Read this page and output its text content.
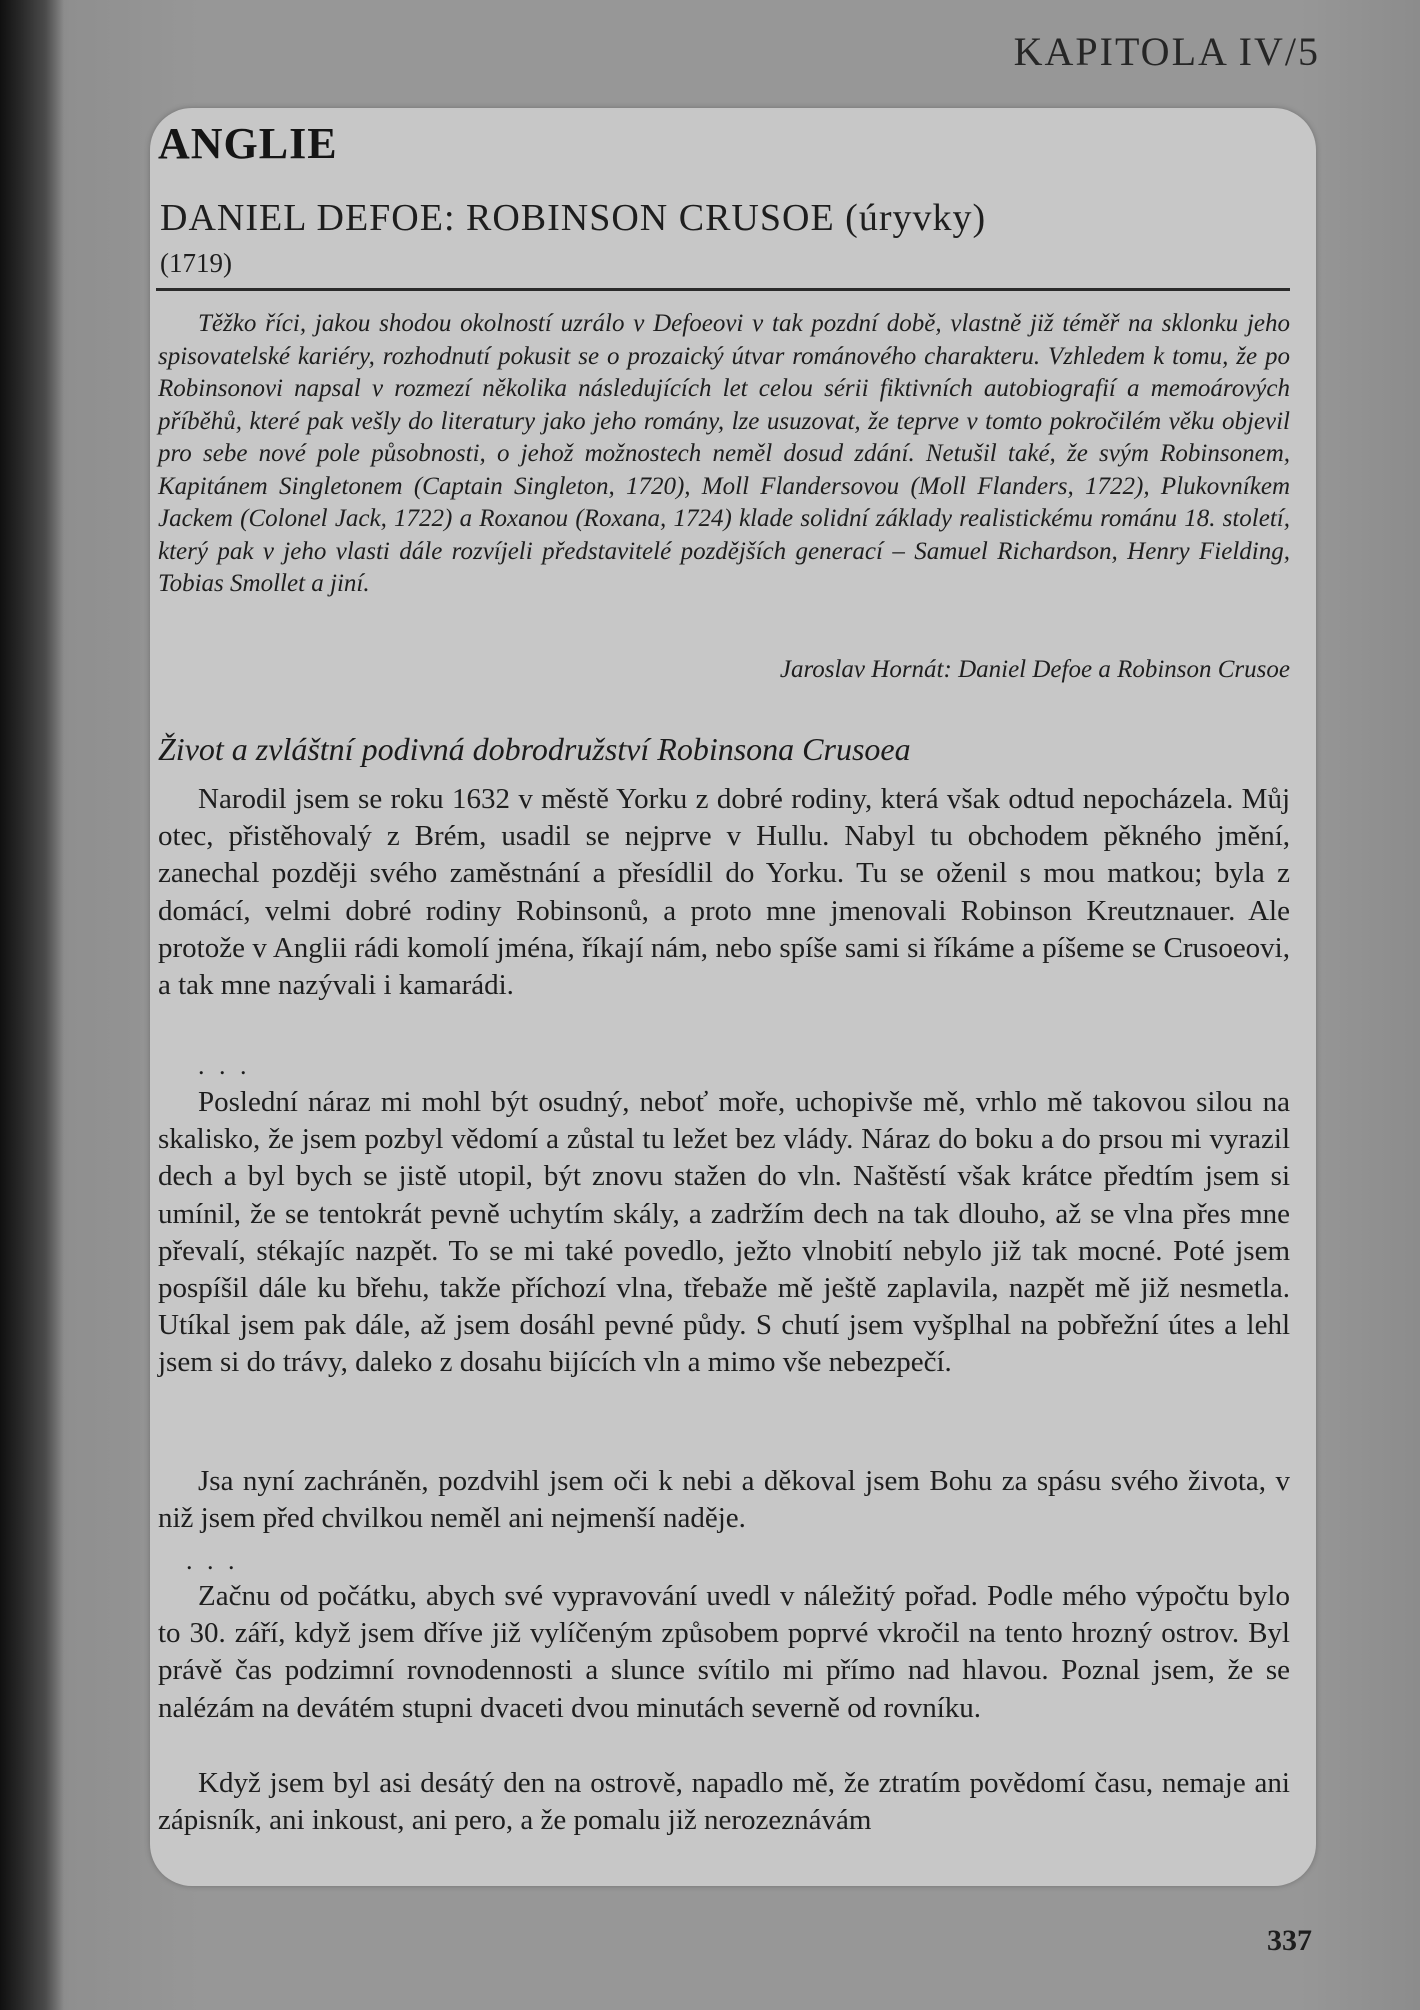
KAPITOLA IV/5
ANGLIE
DANIEL DEFOE: ROBINSON CRUSOE (úryvky)
(1719)

Těžko říci, jakou shodou okolností uzrálo v Defoeovi v tak pozdní době, vlastně již téměř na sklonku jeho spisovatelské kariéry, rozhodnutí pokusit se o prozaický útvar románového charakteru. Vzhledem k tomu, že po Robinsonovi napsal v rozmezí několika následujících let celou sérii fiktivních autobiografií a memoárových příběhů, které pak vešly do literatury jako jeho romány, lze usuzovat, že teprve v tomto pokročilém věku objevil pro sebe nové pole působnosti, o jehož možnostech neměl dosud zdání. Netušil také, že svým Robinsonem, Kapitánem Singletonem (Captain Singleton, 1720), Moll Flandersovou (Moll Flanders, 1722), Plukovníkem Jackem (Colonel Jack, 1722) a Roxanou (Roxana, 1724) klade solidní základy realistickému románu 18. století, který pak v jeho vlasti dále rozvíjeli představitelé pozdějších generací – Samuel Richardson, Henry Fielding, Tobias Smollet a jiní.

Jaroslav Hornát: Daniel Defoe a Robinson Crusoe
Život a zvláštní podivná dobrodružství Robinsona Crusoea

Narodil jsem se roku 1632 v městě Yorku z dobré rodiny, která však odtud nepocházela. Můj otec, přistěhovalý z Brém, usadil se nejprve v Hullu. Nabyl tu obchodem pěkného jmění, zanechal později svého zaměstnání a přesídlil do Yorku. Tu se oženil s mou matkou; byla z domácí, velmi dobré rodiny Robinsonů, a proto mne jmenovali Robinson Kreutznauer. Ale protože v Anglii rádi komolí jména, říkají nám, nebo spíše sami si říkáme a píšeme se Crusoeovi, a tak mne nazývali i kamarádi.

. . .

Poslední náraz mi mohl být osudný, neboť moře, uchopivše mě, vrhlo mě takovou silou na skalisko, že jsem pozbyl vědomí a zůstal tu ležet bez vlády. Náraz do boku a do prsou mi vyrazil dech a byl bych se jistě utopil, být znovu stažen do vln. Naštěstí však krátce předtím jsem si umínil, že se tentokrát pevně uchytím skály, a zadržím dech na tak dlouho, až se vlna přes mne převalí, stékajíc nazpět. To se mi také povedlo, ježto vlnobití nebylo již tak mocné. Poté jsem pospíšil dále ku břehu, takže příchozí vlna, třebaže mě ještě zaplavila, nazpět mě již nesmetla. Utíkal jsem pak dále, až jsem dosáhl pevné půdy. S chutí jsem vyšplhal na pobřežní útes a lehl jsem si do trávy, daleko z dosahu bijících vln a mimo vše nebezpečí.

Jsa nyní zachráněn, pozdvihl jsem oči k nebi a děkoval jsem Bohu za spásu svého života, v niž jsem před chvilkou neměl ani nejmenší naděje.

. . .

Začnu od počátku, abych své vypravování uvedl v náležitý pořad. Podle mého výpočtu bylo to 30. září, když jsem dříve již vylíčeným způsobem poprvé vkročil na tento hrozný ostrov. Byl právě čas podzimní rovnodennosti a slunce svítilo mi přímo nad hlavou. Poznal jsem, že se nalézám na devátém stupni dvaceti dvou minutách severně od rovníku.

Když jsem byl asi desátý den na ostrově, napadlo mě, že ztratím povědomí času, nemaje ani zápisník, ani inkoust, ani pero, a že pomalu již nerozeznávám

337
